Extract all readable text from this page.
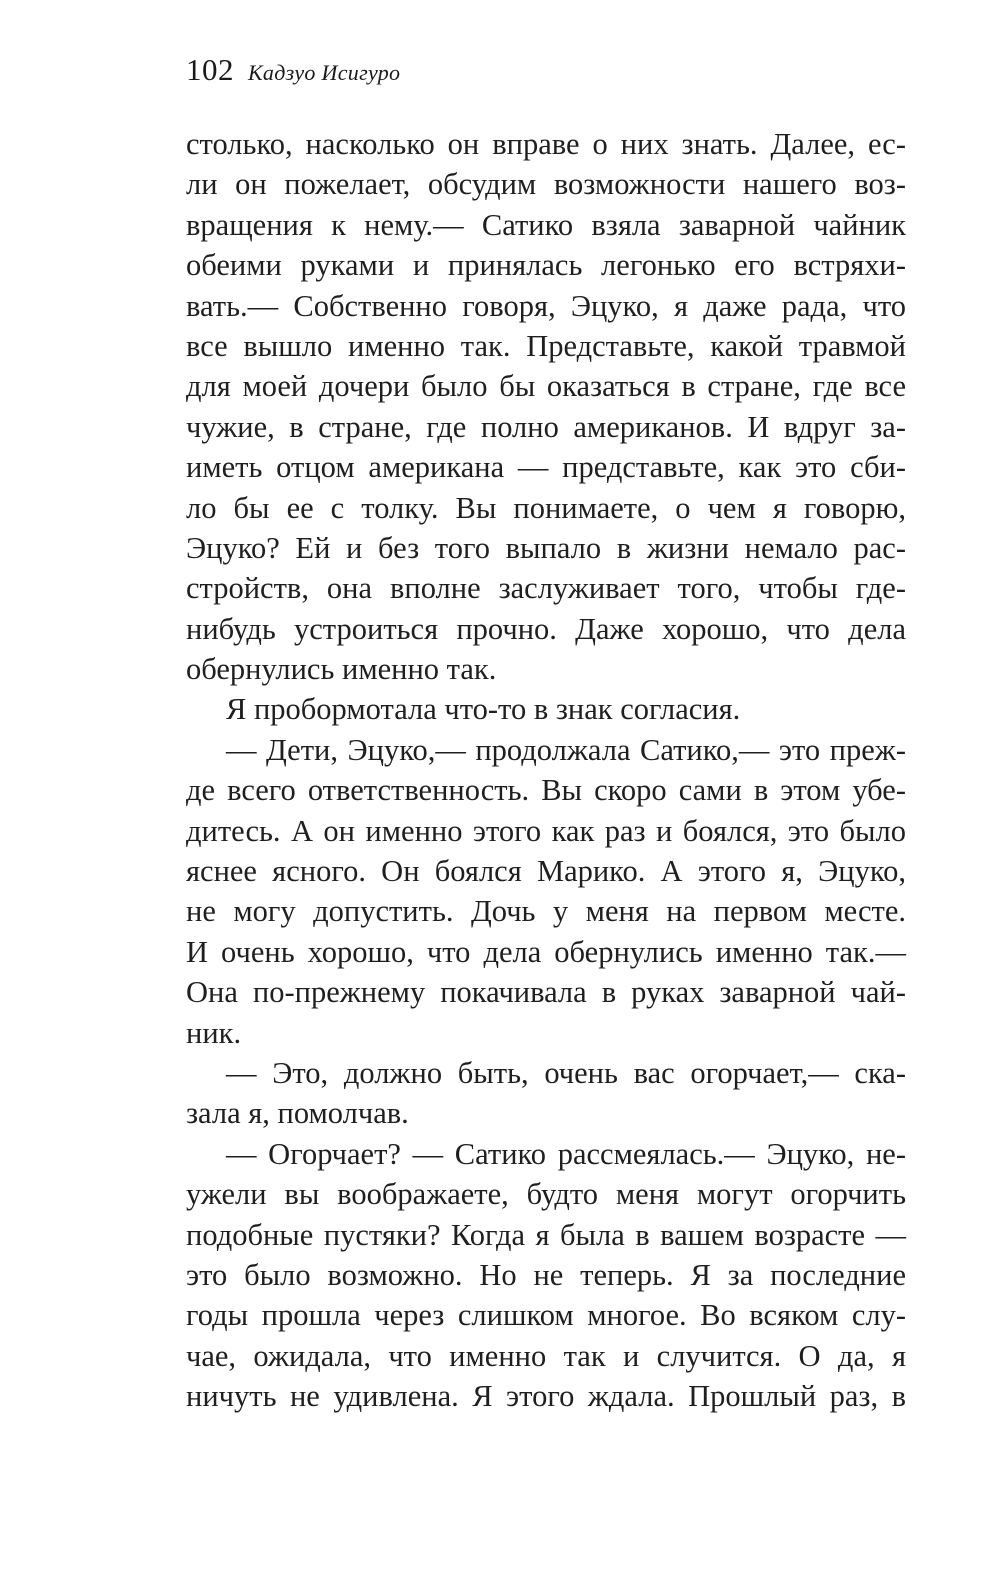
102 Кадзуо Исигуро
столько, насколько он вправе о них знать. Далее, ес-
ли он пожелает, обсудим возможности нашего воз-
вращения к нему.— Сатико взяла заварной чайник
обеими руками и принялась легонько его встряхи-
вать.— Собственно говоря, Эцуко, я даже рада, что
все вышло именно так. Представьте, какой травмой
для моей дочери было бы оказаться в стране, где все
чужие, в стране, где полно американов. И вдруг за-
иметь отцом американа — представьте, как это сби-
ло бы ее с толку. Вы понимаете, о чем я говорю,
Эцуко? Ей и без того выпало в жизни немало рас-
стройств, она вполне заслуживает того, чтобы где-
нибудь устроиться прочно. Даже хорошо, что дела
обернулись именно так.
Я пробормотала что-то в знак согласия.
— Дети, Эцуко,— продолжала Сатико,— это преж-
де всего ответственность. Вы скоро сами в этом убе-
дитесь. А он именно этого как раз и боялся, это было
яснее ясного. Он боялся Марико. А этого я, Эцуко,
не могу допустить. Дочь у меня на первом месте.
И очень хорошо, что дела обернулись именно так.—
Она по-прежнему покачивала в руках заварной чай-
ник.
— Это, должно быть, очень вас огорчает,— ска-
зала я, помолчав.
— Огорчает? — Сатико рассмеялась.— Эцуко, не-
ужели вы воображаете, будто меня могут огорчить
подобные пустяки? Когда я была в вашем возрасте —
это было возможно. Но не теперь. Я за последние
годы прошла через слишком многое. Во всяком слу-
чае, ожидала, что именно так и случится. О да, я
ничуть не удивлена. Я этого ждала. Прошлый раз, в
